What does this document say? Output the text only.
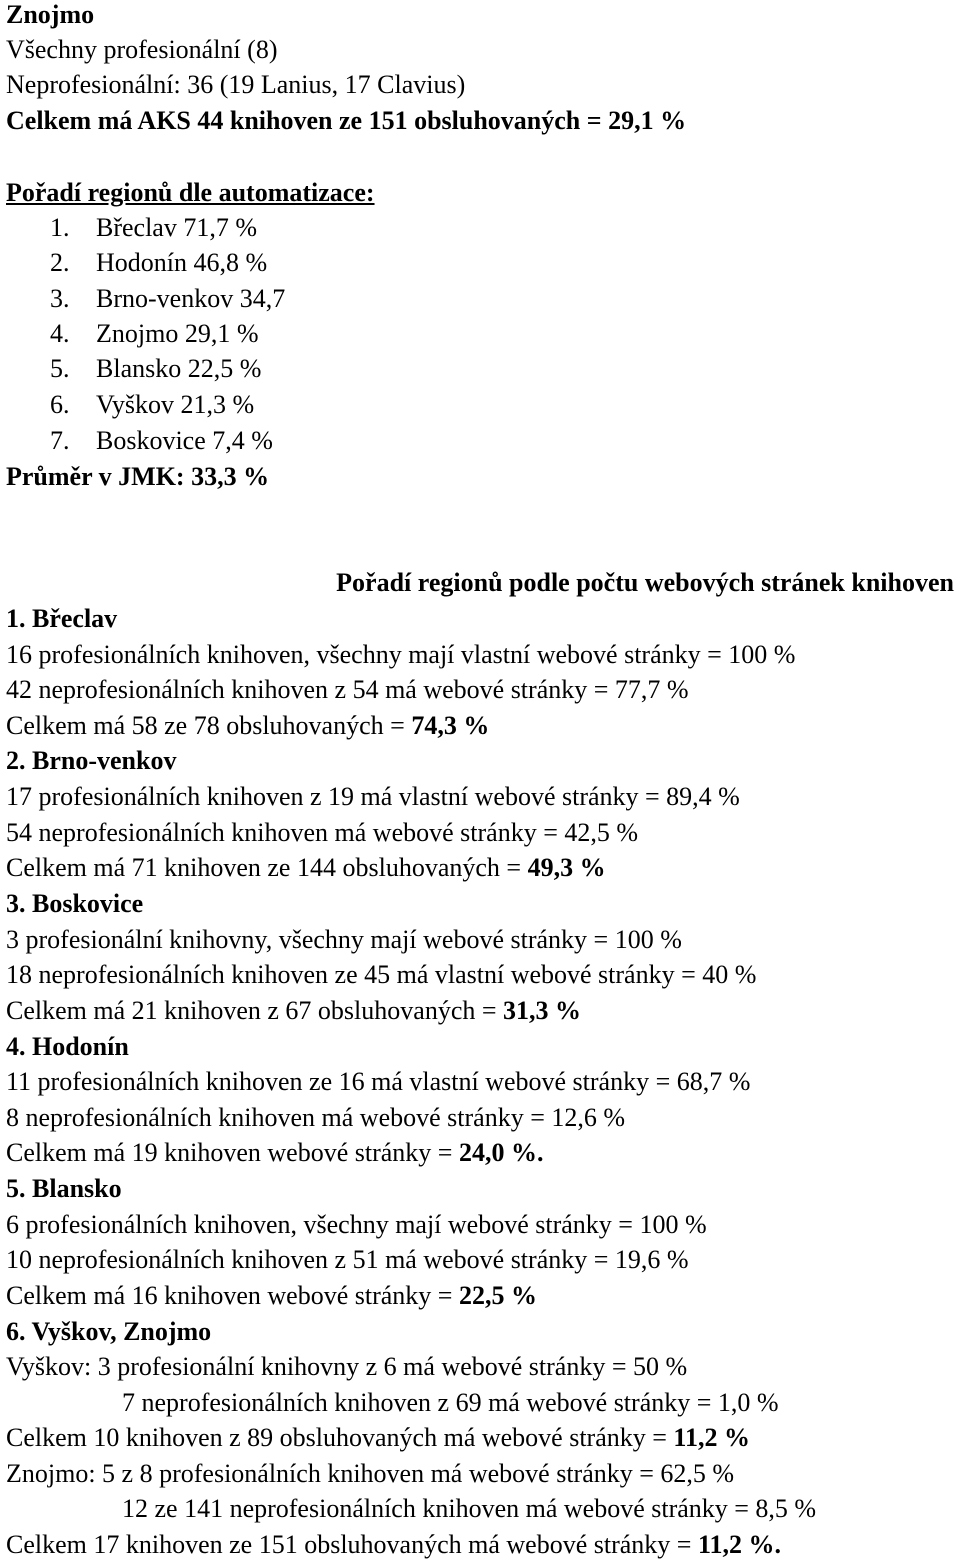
Znojmo
Všechny profesionální (8)
Neprofesionální: 36 (19 Lanius, 17 Clavius)
Celkem má AKS 44 knihoven ze 151 obsluhovaných = 29,1 %
Pořadí regionů dle automatizace:
1. Břeclav 71,7 %
2. Hodonín 46,8 %
3. Brno-venkov 34,7
4. Znojmo 29,1 %
5. Blansko 22,5 %
6. Vyškov 21,3 %
7. Boskovice 7,4 %
Průměr v JMK: 33,3 %
Pořadí regionů podle počtu webových stránek knihoven
1. Břeclav
16 profesionálních knihoven, všechny mají vlastní webové stránky = 100 %
42 neprofesionálních knihoven z 54 má webové stránky = 77,7 %
Celkem má 58 ze 78 obsluhovaných = 74,3 %
2. Brno-venkov
17 profesionálních knihoven z 19 má vlastní webové stránky = 89,4 %
54 neprofesionálních knihoven má webové stránky = 42,5 %
Celkem má 71 knihoven ze 144 obsluhovaných = 49,3 %
3. Boskovice
3 profesionální knihovny, všechny mají webové stránky = 100 %
18 neprofesionálních knihoven ze 45 má vlastní webové stránky = 40 %
Celkem má 21 knihoven z 67 obsluhovaných = 31,3 %
4. Hodonín
11 profesionálních knihoven ze 16 má vlastní webové stránky = 68,7 %
8 neprofesionálních knihoven má webové stránky = 12,6 %
Celkem má 19 knihoven webové stránky = 24,0 %.
5. Blansko
6 profesionálních knihoven, všechny mají webové stránky = 100 %
10 neprofesionálních knihoven z 51 má webové stránky = 19,6 %
Celkem má 16 knihoven webové stránky = 22,5 %
6. Vyškov, Znojmo
Vyškov: 3 profesionální knihovny z 6 má webové stránky = 50 %
7 neprofesionálních knihoven z 69 má webové stránky = 1,0 %
Celkem 10 knihoven z 89 obsluhovaných má webové stránky = 11,2 %
Znojmo: 5 z 8 profesionálních knihoven má webové stránky = 62,5 %
12 ze 141 neprofesionálních knihoven má webové stránky = 8,5 %
Celkem 17 knihoven ze 151 obsluhovaných má webové stránky = 11,2 %.
